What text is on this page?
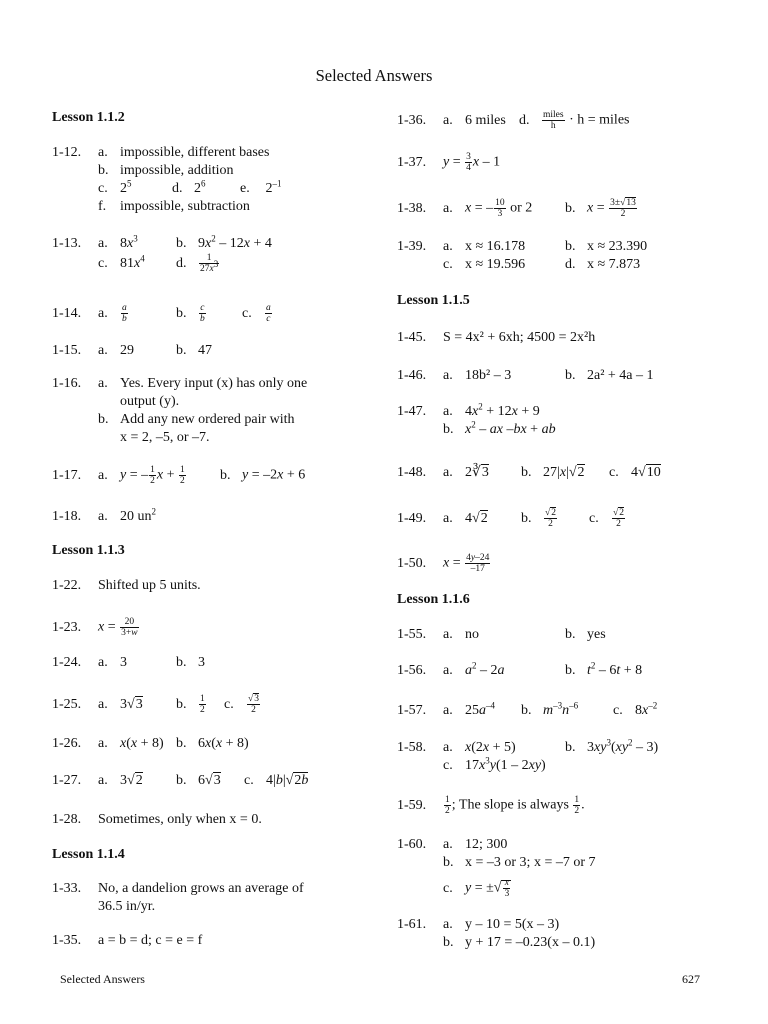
Selected Answers
Lesson 1.1.2
1-12. a. impossible, different bases
b. impossible, addition
c. $2^5$	d. $2^6$ e. $2^{-1}$
f. impossible, subtraction
1-13. a. $8x^3$	b. $9x^2 - 12x + 4$
c. $81x^4$ d. $\frac{1}{27x^3}$
1-14. a. $\frac{a}{b}$	b. $\frac{c}{b}$	c. $\frac{a}{c}$
1-15. a. 29	b. 47
1-16. a. Yes. Every input (x) has only one
output (y).
b. Add any new ordered pair with
x = 2, –5, or –7.
1-17. a. y = – $\frac{1}{2}$ $x + \frac{1}{2} b$. y = –2x + 6
1-18. a. 20 $un^2$
Lesson 1.1.3
1-22. Shifted up 5 units.
1-23. $x = \frac{20}{3+w}$
1-24. a. 3	b. 3
1-25. a. 3√3 b. $\frac{1}{2} c$. $\frac{√3}{2}$
1-26. a. x(x + 8) b. 6x(x + 8)
1-27. a. 3√2 b. 6√3 c. 4|b|√2b
1-28. Sometimes, only when x = 0.
Lesson 1.1.4
1-33. No, a dandelion grows an average of
36.5 in/yr.
1-35. a = b = d; c = e = f
1-36. a. 6 miles d. miles
h · h = miles
1-37. $y = \frac{3}{4}$ x – 1
1-38. a. x = – $\frac{10}{3}$ or 2 b. $x = \frac{3\pm√13}{2}$
1-39. a. x ≈ 16.178	b. x ≈ 23.390
c. x ≈ 19.596	d. x ≈ 7.873
Lesson 1.1.5
1-45. S = 4x² + 6xh; 4500 = 2x²h
1-46. a. 18b² – 3	b. 2a² + 4a – 1
1-47. a. $4x^2 + 12x + 9$
b. $x^2$ – ax –bx + ab
1-48. a. 2∛3 b. 27|x|√2 c. 4√10
1-49. a. 4√2 b. $\frac{√2}{2} c$. $\frac{√2}{2}$
1-50. $x = \frac{4y-24}{-17}$
Lesson 1.1.6
1-55. a. no	b. yes
1-56. a. $a^2 - 2a$	b. $t^2 - 6t + 8$
1-57. a. $25a^{-4}$ b. $m^{-3}n^{-6}$ c. $8x^{-2}$
1-58. a. x(2x + 5)	b. $3xy^3(xy^2 - 3)$
c. $17x^3y(1 - 2xy)$
1-59. $\frac{1}{2}$ ; The slope is always $\frac{1}{2}$ .
1-60. a. 12; 300
b. x = –3 or 3; x = –7 or 7
c. y = ±√ $\frac{x}{3}$
1-61. a. y – 10 = 5(x – 3)
b. y + 17 = –0.23(x – 0.1)
Selected Answers	627
